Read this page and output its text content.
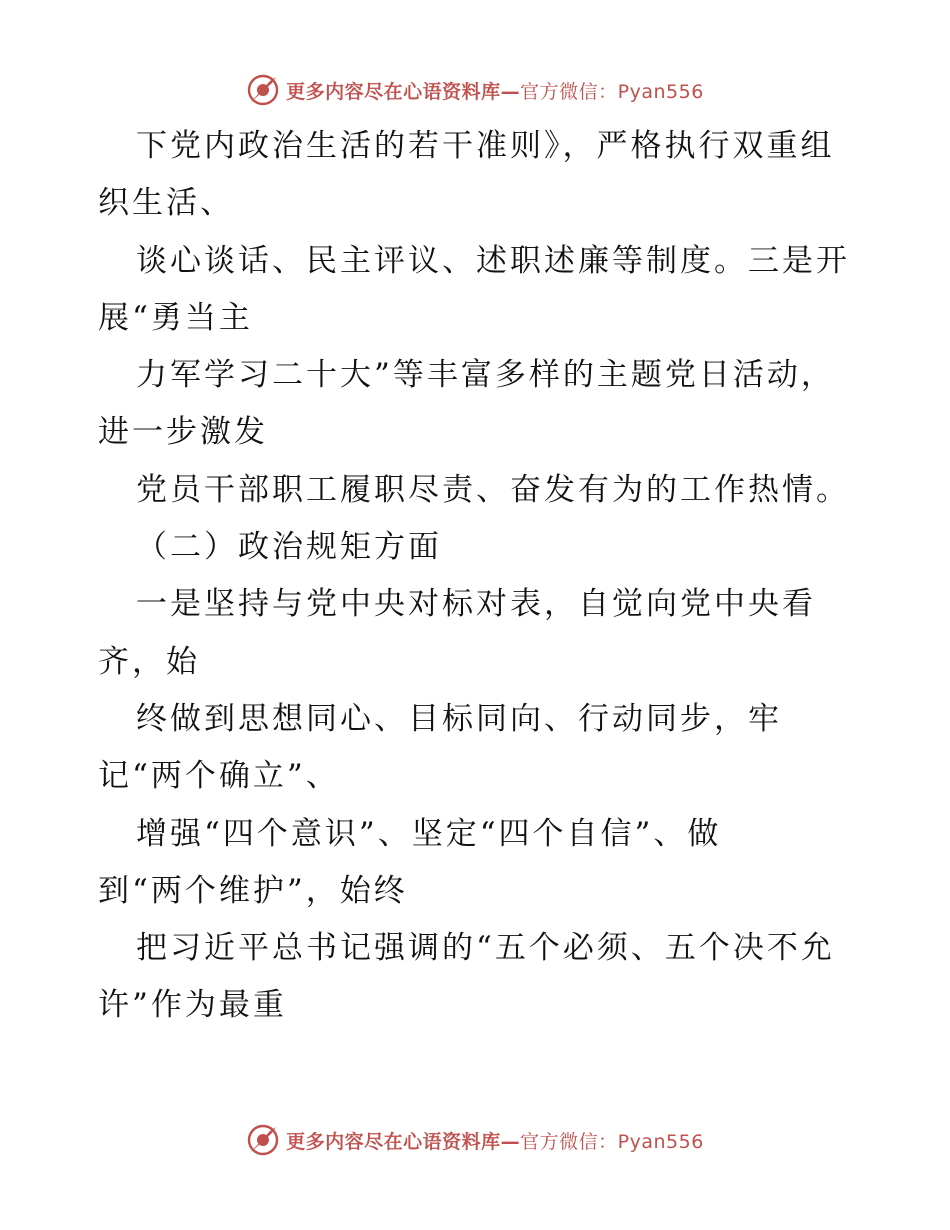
更多内容尽在心语资料库—官方微信：Pyan556
下党内政治生活的若干准则》，严格执行双重组
织生活、
谈心谈话、民主评议、述职述廉等制度。三是开
展“勇当主
力军学习二十大”等丰富多样的主题党日活动，
进一步激发
党员干部职工履职尽责、奋发有为的工作热情。
（二）政治规矩方面
一是坚持与党中央对标对表，自觉向党中央看
齐，始
终做到思想同心、目标同向、行动同步，牢
记“两个确立”、
增强“四个意识”、坚定“四个自信”、做
到“两个维护”，始终
把习近平总书记强调的“五个必须、五个决不允
许”作为最重
更多内容尽在心语资料库—官方微信：Pyan556
